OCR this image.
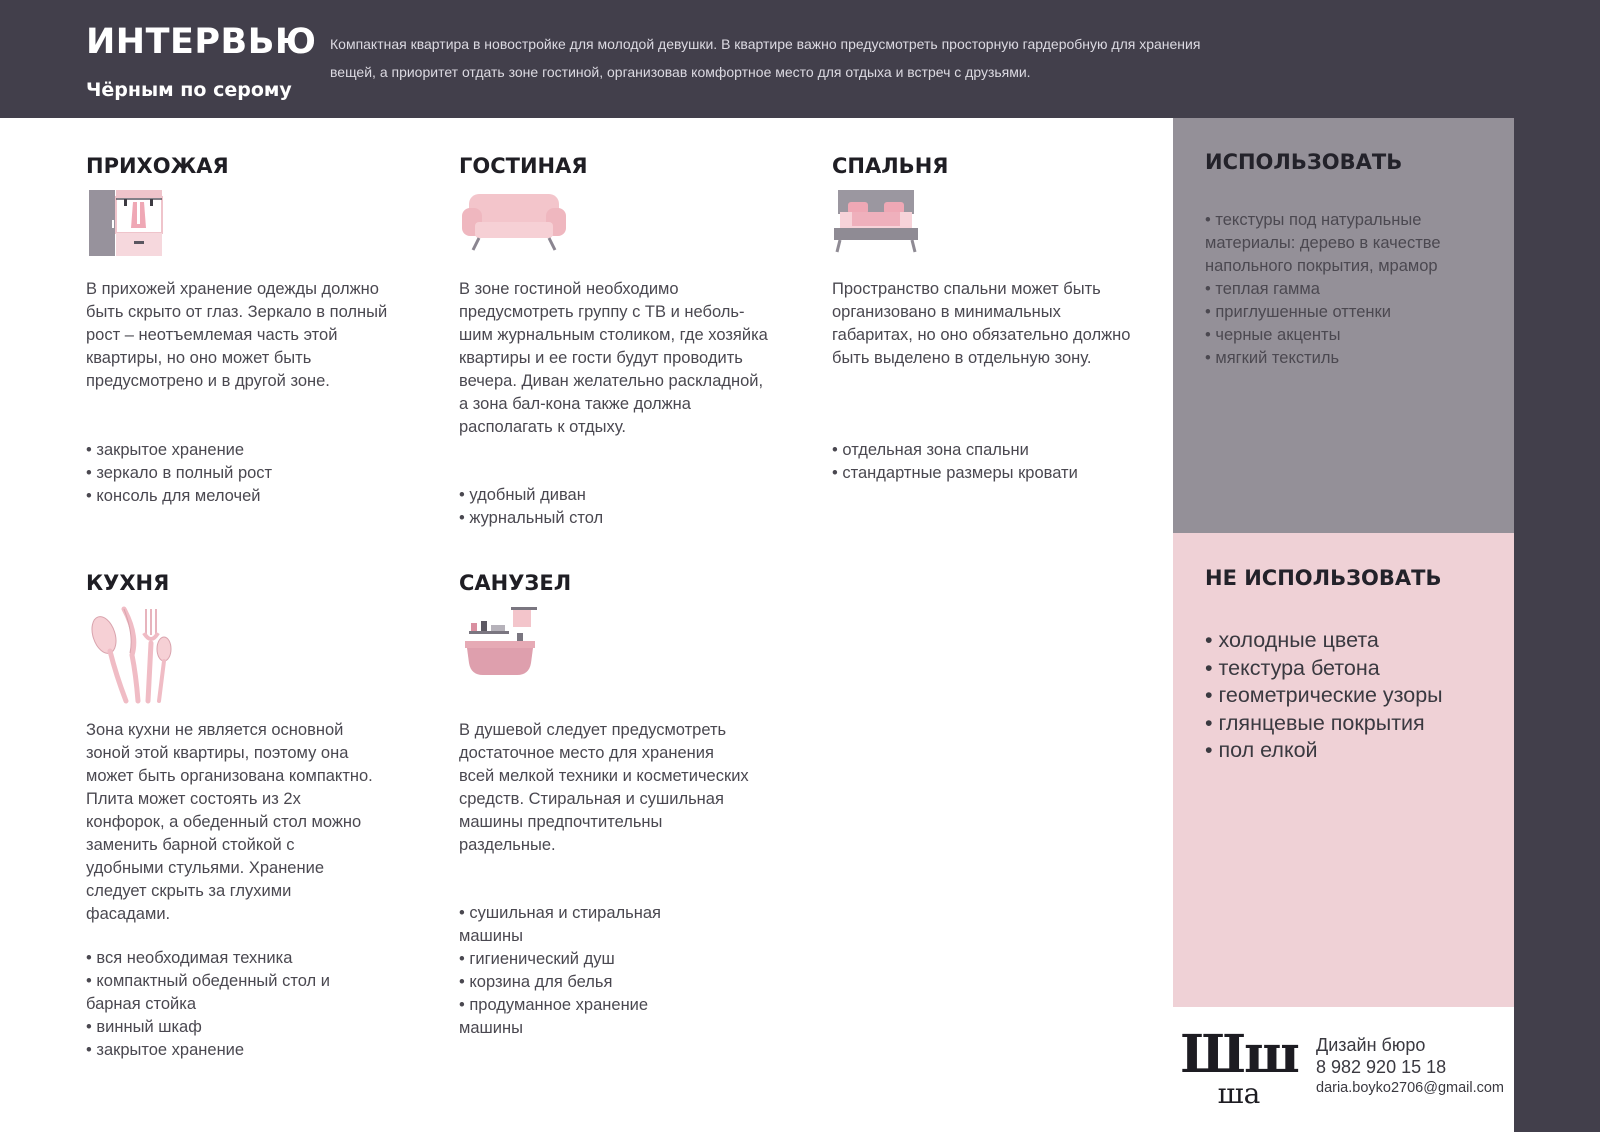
ИНТЕРВЬЮ
Чёрным по серому
Компактная квартира в новостройке для молодой девушки. В квартире важно предусмотреть просторную гардеробную для хранения вещей, а приоритет отдать зоне гостиной, организовав комфортное место для отдыха и встреч с друзьями.
ПРИХОЖАЯ

В прихожей хранение одежды должно быть скрыто от глаз. Зеркало в полный рост – неотъемлемая часть этой квартиры, но оно может быть предусмотрено и в другой зоне.

• закрытое хранение
• зеркало в полный рост
• консоль для мелочей
ГОСТИНАЯ

В зоне гостиной необходимо предусмотреть группу с ТВ и неболь-шим журнальным столиком, где хозяйка квартиры и ее гости будут проводить вечера. Диван желательно раскладной, а зона бал-кона также должна располагать к отдыху.

• удобный диван
• журнальный стол
СПАЛЬНЯ

Пространство спальни может быть организовано в минимальных габаритах, но оно обязательно должно быть выделено в отдельную зону.

• отдельная зона спальни
• стандартные размеры кровати
КУХНЯ

Зона кухни не является основной зоной этой квартиры, поэтому она может быть организована компактно. Плита может состоять из 2х конфорок, а обеденный стол можно заменить барной стойкой с удобными стульями. Хранение следует скрыть за глухими фасадами.

• вся необходимая техника
• компактный обеденный стол и барная стойка
• винный шкаф
• закрытое хранение
САНУЗЕЛ

В душевой следует предусмотреть достаточное место для хранения всей мелкой техники и косметических средств. Стиральная и сушильная машины предпочтительны раздельные.

• сушильная и стиральная машины
• гигиенический душ
• корзина для белья
• продуманное хранение машины
ИСПОЛЬЗОВАТЬ
• текстуры под натуральные материалы: дерево в качестве напольного покрытия, мрамор
• теплая гамма
• приглушенные оттенки
• черные акценты
• мягкий текстиль
НЕ ИСПОЛЬЗОВАТЬ
• холодные цвета
• текстура бетона
• геометрические узоры
• глянцевые покрытия
• пол елкой
Шш
ша
Дизайн бюро
8 982 920 15 18
daria.boyko2706@gmail.com
